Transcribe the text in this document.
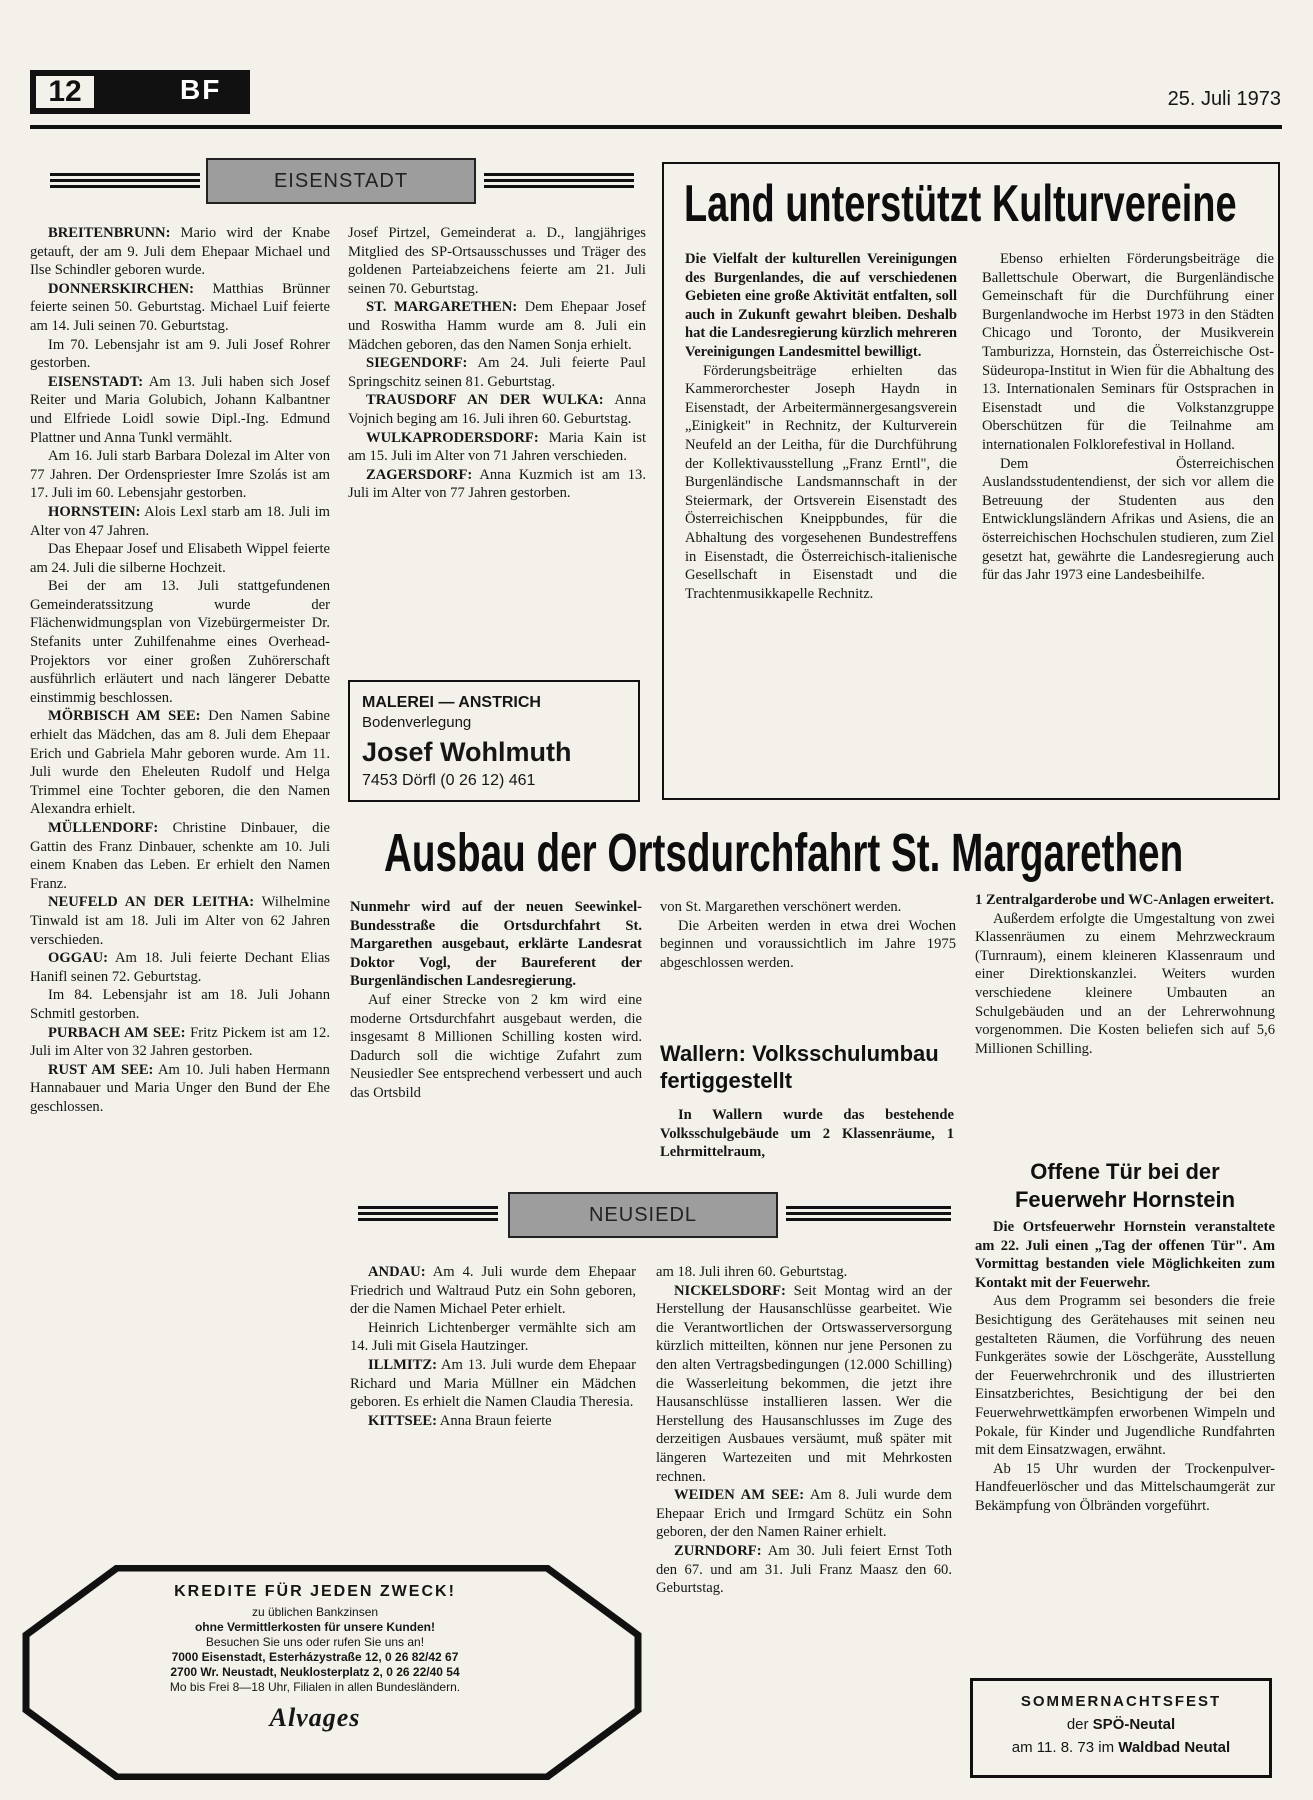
12	BF	25. Juli 1973
EISENSTADT

BREITENBRUNN: Mario wird der Knabe getauft, der am 9. Juli dem Ehepaar Michael und Ilse Schindler geboren wurde.

DONNERSKIRCHEN: Matthias Brünner feierte seinen 50. Geburtstag. Michael Luif feierte am 14. Juli seinen 70. Geburtstag.

Im 70. Lebensjahr ist am 9. Juli Josef Rohrer gestorben.

EISENSTADT: Am 13. Juli haben sich Josef Reiter und Maria Golubich, Johann Kalbantner und Elfriede Loidl sowie Dipl.-Ing. Edmund Plattner und Anna Tunkl vermählt.

Am 16. Juli starb Barbara Dolezal im Alter von 77 Jahren. Der Ordenspriester Imre Szolás ist am 17. Juli im 60. Lebensjahr gestorben.

HORNSTEIN: Alois Lexl starb am 18. Juli im Alter von 47 Jahren.

Das Ehepaar Josef und Elisabeth Wippel feierte am 24. Juli die silberne Hochzeit.

Bei der am 13. Juli stattgefundenen Gemeinderatssitzung wurde der Flächenwidmungsplan von Vizebürgermeister Dr. Stefanits unter Zuhilfenahme eines Overhead-Projektors vor einer großen Zuhörerschaft ausführlich erläutert und nach längerer Debatte einstimmig beschlossen.

MÖRBISCH AM SEE: Den Namen Sabine erhielt das Mädchen, das am 8. Juli dem Ehepaar Erich und Gabriela Mahr geboren wurde. Am 11. Juli wurde den Eheleuten Rudolf und Helga Trimmel eine Tochter geboren, die den Namen Alexandra erhielt.

MÜLLENDORF: Christine Dinbauer, die Gattin des Franz Dinbauer, schenkte am 10. Juli einem Knaben das Leben. Er erhielt den Namen Franz.

NEUFELD AN DER LEITHA: Wilhelmine Tinwald ist am 18. Juli im Alter von 62 Jahren verschieden.

OGGAU: Am 18. Juli feierte Dechant Elias Hanifl seinen 72. Geburtstag.

Im 84. Lebensjahr ist am 18. Juli Johann Schmitl gestorben.

PURBACH AM SEE: Fritz Pickem ist am 12. Juli im Alter von 32 Jahren gestorben.

RUST AM SEE: Am 10. Juli haben Hermann Hannabauer und Maria Unger den Bund der Ehe geschlossen.

Josef Pirtzel, Gemeinderat a. D., langjähriges Mitglied des SP-Ortsausschusses und Träger des goldenen Parteiabzeichens feierte am 21. Juli seinen 70. Geburtstag.

ST. MARGARETHEN: Dem Ehepaar Josef und Roswitha Hamm wurde am 8. Juli ein Mädchen geboren, das den Namen Sonja erhielt.

SIEGENDORF: Am 24. Juli feierte Paul Springschitz seinen 81. Geburtstag.

TRAUSDORF AN DER WULKA: Anna Vojnich beging am 16. Juli ihren 60. Geburtstag.

WULKAPRODERSDORF: Maria Kain ist am 15. Juli im Alter von 71 Jahren verschieden.

ZAGERSDORF: Anna Kuzmich ist am 13. Juli im Alter von 77 Jahren gestorben.

MALEREI — ANSTRICH
Bodenverlegung
Josef Wohlmuth
7453 Dörfl (0 26 12) 461
Land unterstützt Kulturvereine

Die Vielfalt der kulturellen Vereinigungen des Burgenlandes, die auf verschiedenen Gebieten eine große Aktivität entfalten, soll auch in Zukunft gewahrt bleiben. Deshalb hat die Landesregierung kürzlich mehreren Vereinigungen Landesmittel bewilligt.

Förderungsbeiträge erhielten das Kammerorchester Joseph Haydn in Eisenstadt, der Arbeitermännergesangsverein „Einigkeit" in Rechnitz, der Kulturverein Neufeld an der Leitha, für die Durchführung der Kollektivausstellung „Franz Erntl", die Burgenländische Landsmannschaft in der Steiermark, der Ortsverein Eisenstadt des Österreichischen Kneippbundes, für die Abhaltung des vorgesehenen Bundestreffens in Eisenstadt, die Österreichisch-italienische Gesellschaft in Eisenstadt und die Trachtenmusikkapelle Rechnitz.

Ebenso erhielten Förderungsbeiträge die Ballettschule Oberwart, die Burgenländische Gemeinschaft für die Durchführung einer Burgenlandwoche im Herbst 1973 in den Städten Chicago und Toronto, der Musikverein Tamburizza, Hornstein, das Österreichische Ost-Südeuropa-Institut in Wien für die Abhaltung des 13. Internationalen Seminars für Ostsprachen in Eisenstadt und die Volkstanzgruppe Oberschützen für die Teilnahme am internationalen Folklorefestival in Holland.

Dem Österreichischen Auslandsstudentendienst, der sich vor allem die Betreuung der Studenten aus den Entwicklungsländern Afrikas und Asiens, die an österreichischen Hochschulen studieren, zum Ziel gesetzt hat, gewährte die Landesregierung auch für das Jahr 1973 eine Landesbeihilfe.

Ausbau der Ortsdurchfahrt St. Margarethen

Nunmehr wird auf der neuen Seewinkel-Bundesstraße die Ortsdurchfahrt St. Margarethen ausgebaut, erklärte Landesrat Doktor Vogl, der Baureferent der Burgenländischen Landesregierung.

Auf einer Strecke von 2 km wird eine moderne Ortsdurchfahrt ausgebaut werden, die insgesamt 8 Millionen Schilling kosten wird. Dadurch soll die wichtige Zufahrt zum Neusiedler See entsprechend verbessert und auch das Ortsbild

von St. Margarethen verschönert werden.

Die Arbeiten werden in etwa drei Wochen beginnen und voraussichtlich im Jahre 1975 abgeschlossen werden.

Wallern: Volksschulumbau fertiggestellt

In Wallern wurde das bestehende Volksschulgebäude um 2 Klassenräume, 1 Lehrmittelraum,

1 Zentralgarderobe und WC-Anlagen erweitert.

Außerdem erfolgte die Umgestaltung von zwei Klassenräumen zu einem Mehrzweckraum (Turnraum), einem kleineren Klassenraum und einer Direktionskanzlei. Weiters wurden verschiedene kleinere Umbauten an Schulgebäuden und an der Lehrerwohnung vorgenommen. Die Kosten beliefen sich auf 5,6 Millionen Schilling.

Offene Tür bei der Feuerwehr Hornstein

Die Ortsfeuerwehr Hornstein veranstaltete am 22. Juli einen „Tag der offenen Tür". Am Vormittag bestanden viele Möglichkeiten zum Kontakt mit der Feuerwehr.

Aus dem Programm sei besonders die freie Besichtigung des Gerätehauses mit seinen neu gestalteten Räumen, die Vorführung des neuen Funkgerätes sowie der Löschgeräte, Ausstellung der Feuerwehrchronik und des illustrierten Einsatzberichtes, Besichtigung der bei den Feuerwehrwettkämpfen erworbenen Wimpeln und Pokale, für Kinder und Jugendliche Rundfahrten mit dem Einsatzwagen, erwähnt.

Ab 15 Uhr wurden der Trockenpulver-Handfeuerlöscher und das Mittelschaumgerät zur Bekämpfung von Ölbränden vorgeführt.

NEUSIEDL

ANDAU: Am 4. Juli wurde dem Ehepaar Friedrich und Waltraud Putz ein Sohn geboren, der die Namen Michael Peter erhielt.

Heinrich Lichtenberger vermählte sich am 14. Juli mit Gisela Hautzinger.

ILLMITZ: Am 13. Juli wurde dem Ehepaar Richard und Maria Müllner ein Mädchen geboren. Es erhielt die Namen Claudia Theresia.

KITTSEE: Anna Braun feierte

am 18. Juli ihren 60. Geburtstag.

NICKELSDORF: Seit Montag wird an der Herstellung der Hausanschlüsse gearbeitet. Wie die Verantwortlichen der Ortswasserversorgung kürzlich mitteilten, können nur jene Personen zu den alten Vertragsbedingungen (12.000 Schilling) die Wasserleitung bekommen, die jetzt ihre Hausanschlüsse installieren lassen. Wer die Herstellung des Hausanschlusses im Zuge des derzeitigen Ausbaues versäumt, muß später mit längeren Wartezeiten und mit Mehrkosten rechnen.

WEIDEN AM SEE: Am 8. Juli wurde dem Ehepaar Erich und Irmgard Schütz ein Sohn geboren, der den Namen Rainer erhielt.

ZURNDORF: Am 30. Juli feiert Ernst Toth den 67. und am 31. Juli Franz Maasz den 60. Geburtstag.

KREDITE FÜR JEDEN ZWECK!
zu üblichen Bankzinsen
ohne Vermittlerkosten für unsere Kunden!
Besuchen Sie uns oder rufen Sie uns an!
7000 Eisenstadt, Esterházystraße 12, 0 26 82/42 67
2700 Wr. Neustadt, Neuklosterplatz 2, 0 26 22/40 54
Mo bis Frei 8—18 Uhr, Filialen in allen Bundesländern.
Alvages
SOMMERNACHTSFEST
der SPÖ-Neutal
am 11. 8. 73 im Waldbad Neutal
